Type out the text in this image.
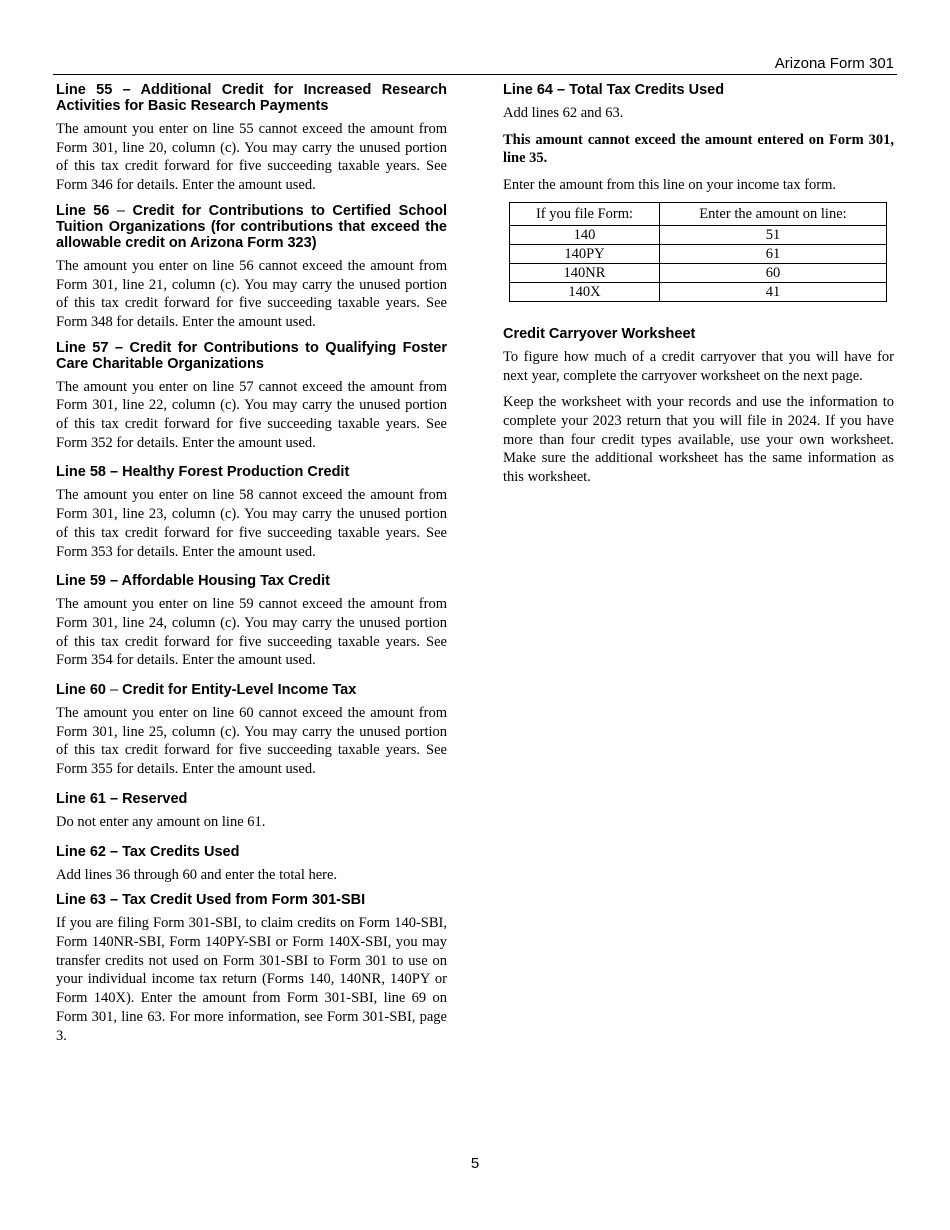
Arizona Form 301
Line 55 – Additional Credit for Increased Research Activities for Basic Research Payments

The amount you enter on line 55 cannot exceed the amount from Form 301, line 20, column (c). You may carry the unused portion of this tax credit forward for five succeeding taxable years. See Form 346 for details. Enter the amount used.

Line 56 – Credit for Contributions to Certified School Tuition Organizations (for contributions that exceed the allowable credit on Arizona Form 323)

The amount you enter on line 56 cannot exceed the amount from Form 301, line 21, column (c). You may carry the unused portion of this tax credit forward for five succeeding taxable years. See Form 348 for details. Enter the amount used.

Line 57 – Credit for Contributions to Qualifying Foster Care Charitable Organizations

The amount you enter on line 57 cannot exceed the amount from Form 301, line 22, column (c). You may carry the unused portion of this tax credit forward for five succeeding taxable years. See Form 352 for details. Enter the amount used.

Line 58 – Healthy Forest Production Credit

The amount you enter on line 58 cannot exceed the amount from Form 301, line 23, column (c). You may carry the unused portion of this tax credit forward for five succeeding taxable years. See Form 353 for details. Enter the amount used.

Line 59 – Affordable Housing Tax Credit

The amount you enter on line 59 cannot exceed the amount from Form 301, line 24, column (c). You may carry the unused portion of this tax credit forward for five succeeding taxable years. See Form 354 for details. Enter the amount used.

Line 60 – Credit for Entity-Level Income Tax

The amount you enter on line 60 cannot exceed the amount from Form 301, line 25, column (c). You may carry the unused portion of this tax credit forward for five succeeding taxable years. See Form 355 for details. Enter the amount used.

Line 61 – Reserved

Do not enter any amount on line 61.

Line 62 – Tax Credits Used

Add lines 36 through 60 and enter the total here.

Line 63 – Tax Credit Used from Form 301-SBI

If you are filing Form 301-SBI, to claim credits on Form 140-SBI, Form 140NR-SBI, Form 140PY-SBI or Form 140X-SBI, you may transfer credits not used on Form 301-SBI to Form 301 to use on your individual income tax return (Forms 140, 140NR, 140PY or Form 140X). Enter the amount from Form 301-SBI, line 69 on Form 301, line 63. For more information, see Form 301-SBI, page 3.

Line 64 – Total Tax Credits Used

Add lines 62 and 63.

This amount cannot exceed the amount entered on Form 301, line 35.

Enter the amount from this line on your income tax form.

If you file Form:	Enter the amount on line:
140	51
140PY	61
140NR	60
140X	41
Credit Carryover Worksheet

To figure how much of a credit carryover that you will have for next year, complete the carryover worksheet on the next page.

Keep the worksheet with your records and use the information to complete your 2023 return that you will file in 2024. If you have more than four credit types available, use your own worksheet. Make sure the additional worksheet has the same information as this worksheet.

5
